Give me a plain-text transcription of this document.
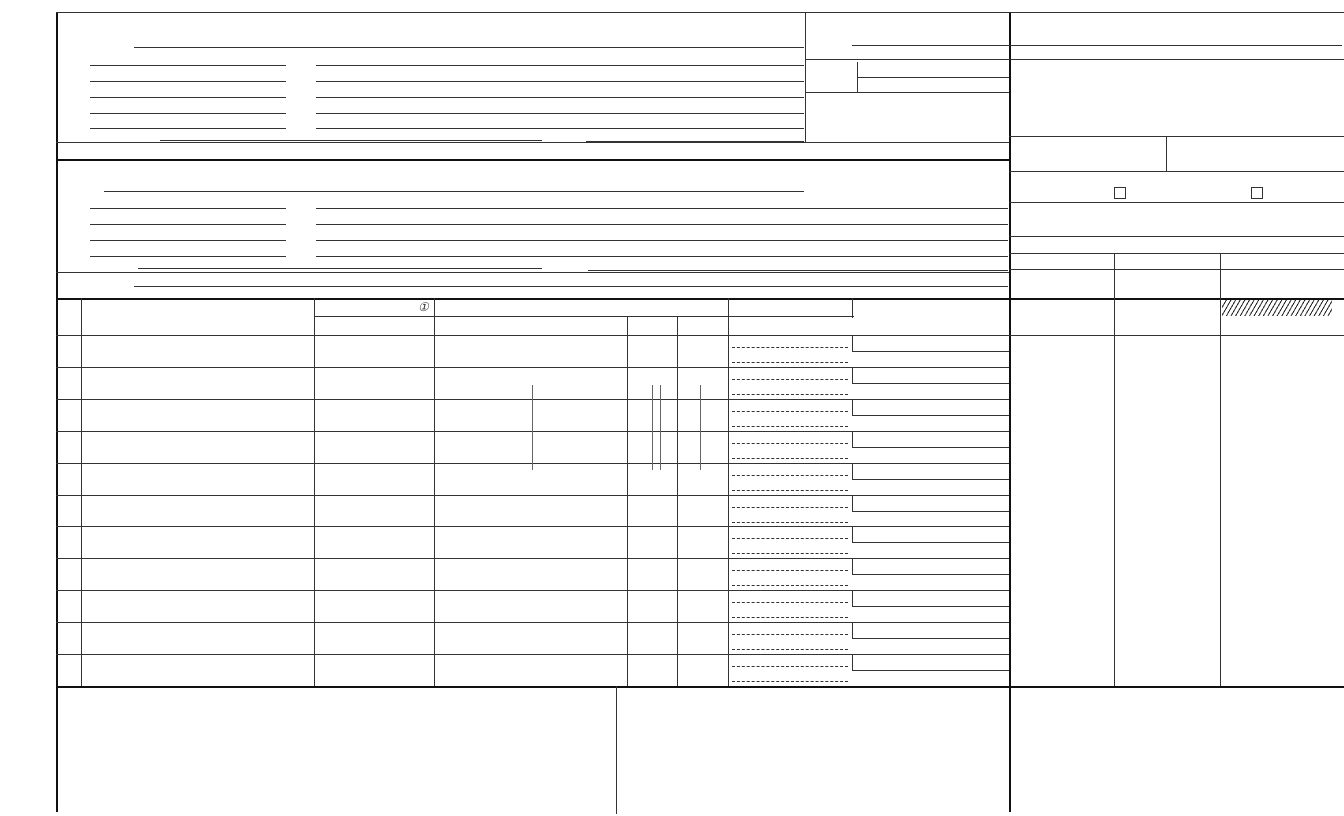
①
